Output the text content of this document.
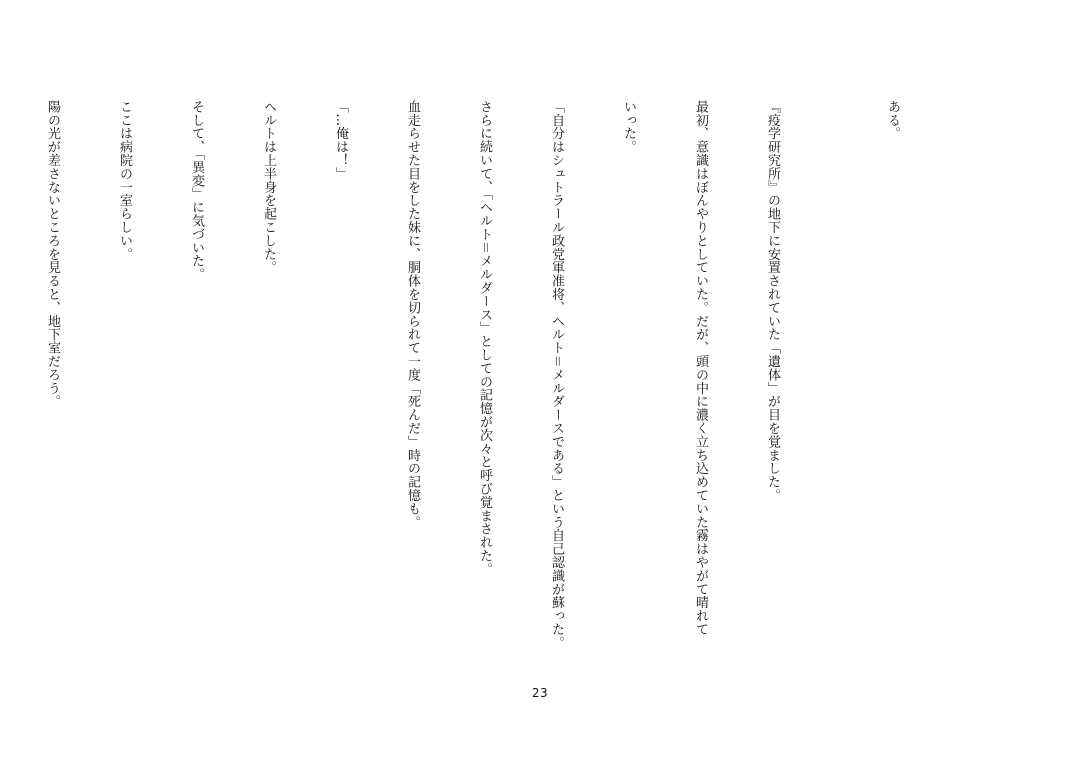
ある。

『疫学研究所』の地下に安置されていた「遺体」が目を覚ました。

最初、意識はぼんやりとしていた。だが、頭の中に濃く立ち込めていた霧はやがて晴れて

いった。

「自分はシュトラール政党軍准将、ヘルト＝メルダースである」という自己認識が蘇った。

さらに続いて、「ヘルト＝メルダース」としての記憶が次々と呼び覚まされた。

血走らせた目をした妹に、胴体を切られて一度「死んだ」時の記憶も。

「…俺は！」

ヘルトは上半身を起こした。

そして、「異変」に気づいた。

ここは病院の一室らしい。

陽の光が差さないところを見ると、地下室だろう。

23
